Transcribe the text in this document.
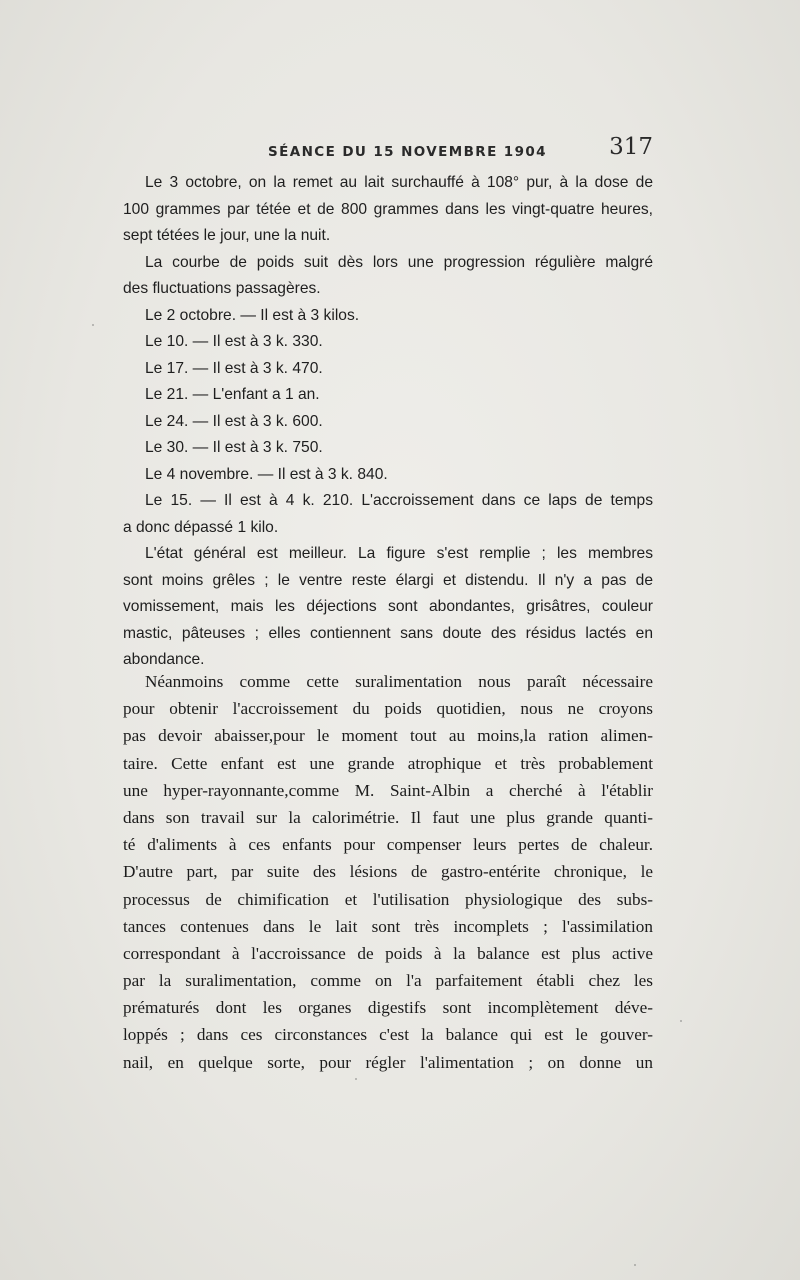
SÉANCE DU 15 NOVEMBRE 1904	317
Le 3 octobre, on la remet au lait surchauffé à 108° pur, à la dose de
100 grammes par tétée et de 800 grammes dans les vingt-quatre heures,
sept tétées le jour, une la nuit.
La courbe de poids suit dès lors une progression régulière malgré
des fluctuations passagères.
Le 2 octobre. — Il est à 3 kilos.
Le 10. — Il est à 3 k. 330.
Le 17. — Il est à 3 k. 470.
Le 21. — L'enfant a 1 an.
Le 24. — Il est à 3 k. 600.
Le 30. — Il est à 3 k. 750.
Le 4 novembre. — Il est à 3 k. 840.
Le 15. — Il est à 4 k. 210. L'accroissement dans ce laps de temps
a donc dépassé 1 kilo.
L'état général est meilleur. La figure s'est remplie ; les membres
sont moins grêles ; le ventre reste élargi et distendu. Il n'y a pas de
vomissement, mais les déjections sont abondantes, grisâtres, couleur
mastic, pâteuses ; elles contiennent sans doute des résidus lactés en
abondance.
Néanmoins comme cette suralimentation nous paraît nécessaire
pour obtenir l'accroissement du poids quotidien, nous ne croyons
pas devoir abaisser,pour le moment tout au moins,la ration alimen-
taire. Cette enfant est une grande atrophique et très probablement
une hyper-rayonnante,comme M. Saint-Albin a cherché à l'établir
dans son travail sur la calorimétrie. Il faut une plus grande quanti-
té d'aliments à ces enfants pour compenser leurs pertes de chaleur.
D'autre part, par suite des lésions de gastro-entérite chronique, le
processus de chimification et l'utilisation physiologique des subs-
tances contenues dans le lait sont très incomplets ; l'assimilation
correspondant à l'accroissance de poids à la balance est plus active
par la suralimentation, comme on l'a parfaitement établi chez les
prématurés dont les organes digestifs sont incomplètement déve-
loppés ; dans ces circonstances c'est la balance qui est le gouver-
nail, en quelque sorte, pour régler l'alimentation ; on donne un
